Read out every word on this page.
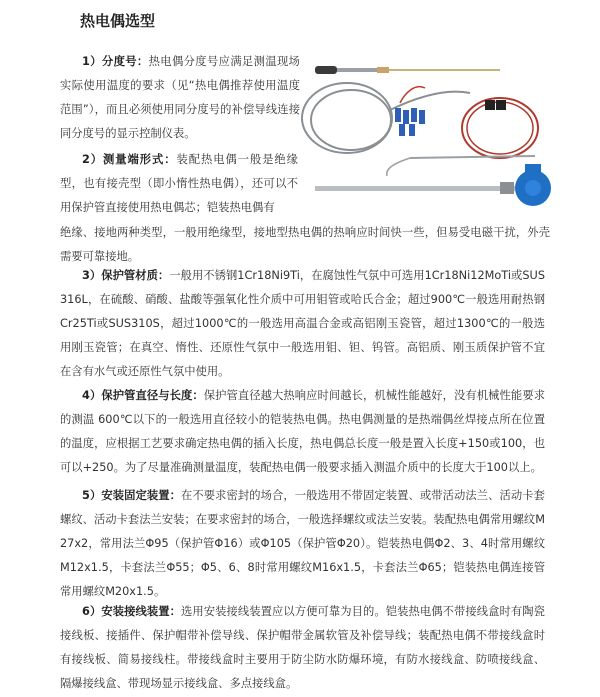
热电偶选型

1）分度号：热电偶分度号应满足测温现场实际使用温度的要求（见“热电偶推荐使用温度范围”），而且必须使用同分度号的补偿导线连接同分度号的显示控制仪表。

2）测量端形式：装配热电偶一般是绝缘型，也有接壳型（即小惰性热电偶），还可以不用保护管直接使用热电偶芯；铠装热电偶有

绝缘、接地两种类型，一般用绝缘型，接地型热电偶的热响应时间快一些，但易受电磁干扰，外壳需要可靠接地。

3）保护管材质：一般用不锈钢1Cr18Ni9Ti，在腐蚀性气氛中可选用1Cr18Ni12MoTi或SUS316L，在硫酸、硝酸、盐酸等强氧化性介质中可用钼管或哈氏合金；超过900℃一般选用耐热钢Cr25Ti或SUS310S，超过1000℃的一般选用高温合金或高铝刚玉瓷管，超过1300℃的一般选用刚玉瓷管；在真空、惰性、还原性气氛中一般选用钼、钽、钨管。高铝质、刚玉质保护管不宜在含有水气或还原性气氛中使用。

4）保护管直径与长度：保护管直径越大热响应时间越长，机械性能越好，没有机械性能要求的测温 600℃以下的一般选用直径较小的铠装热电偶。热电偶测量的是热端偶丝焊接点所在位置的温度，应根据工艺要求确定热电偶的插入长度，热电偶总长度一般是置入长度+150或100，也可以+250。为了尽量准确测量温度，装配热电偶一般要求插入测温介质中的长度大于100以上。

5）安装固定装置：在不要求密封的场合，一般选用不带固定装置、或带活动法兰、活动卡套螺纹、活动卡套法兰安装；在要求密封的场合，一般选择螺纹或法兰安装。装配热电偶常用螺纹M27x2，常用法兰Φ95（保护管Φ16）或Φ105（保护管Φ20）。铠装热电偶Φ2、3、4时常用螺纹M12x1.5，卡套法兰Φ55；Φ5、6、8时常用螺纹M16x1.5，卡套法兰Φ65；铠装热电偶连接管常用螺纹M20x1.5。

6）安装接线装置：选用安装接线装置应以方便可靠为目的。铠装热电偶不带接线盒时有陶瓷接线板、接插件、保护帽带补偿导线、保护帽带金属软管及补偿导线；装配热电偶不带接线盒时有接线板、简易接线柱。带接线盒时主要用于防尘防水防爆环境，有防水接线盒、防喷接线盒、隔爆接线盒、带现场显示接线盒、多点接线盒。
